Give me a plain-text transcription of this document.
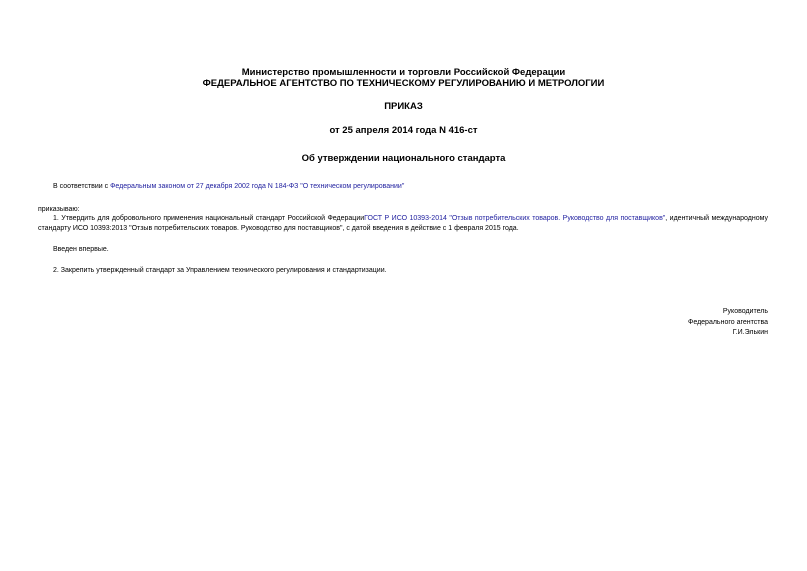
Министерство промышленности и торговли Российской Федерации
ФЕДЕРАЛЬНОЕ АГЕНТСТВО ПО ТЕХНИЧЕСКОМУ РЕГУЛИРОВАНИЮ И МЕТРОЛОГИИ
ПРИКАЗ
от 25 апреля 2014 года N 416-ст
Об утверждении национального стандарта
В соответствии с Федеральным законом от 27 декабря 2002 года N 184-ФЗ "О техническом регулировании"
приказываю:
1. Утвердить для добровольного применения национальный стандарт Российской ФедерацииГОСТ Р ИСО 10393-2014 "Отзыв потребительских товаров. Руководство для поставщиков", идентичный международному стандарту ИСО 10393:2013 "Отзыв потребительских товаров. Руководство для поставщиков", с датой введения в действие с 1 февраля 2015 года.
Введен впервые.
2. Закрепить утвержденный стандарт за Управлением технического регулирования и стандартизации.
Руководитель
Федерального агентства
Г.И.Элькин
